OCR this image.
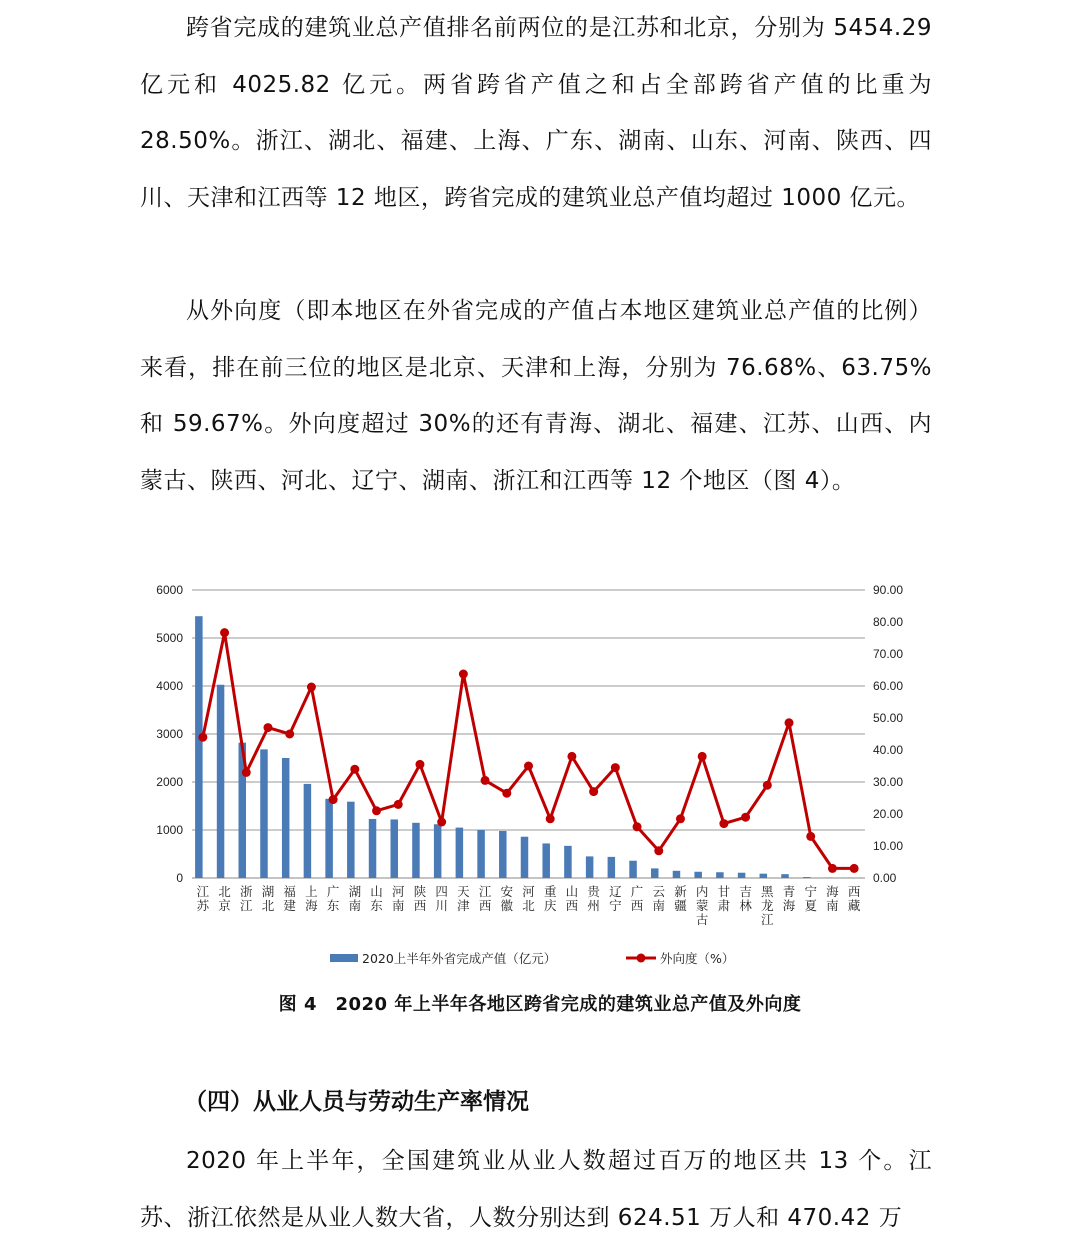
跨省完成的建筑业总产值排名前两位的是江苏和北京，分别为 5454.29 亿元和 4025.82 亿元。两省跨省产值之和占全部跨省产值的比重为 28.50%。浙江、湖北、福建、上海、广东、湖南、山东、河南、陕西、四川、天津和江西等 12 地区，跨省完成的建筑业总产值均超过 1000 亿元。

从外向度（即本地区在外省完成的产值占本地区建筑业总产值的比例）来看，排在前三位的地区是北京、天津和上海，分别为 76.68%、63.75%和 59.67%。外向度超过 30%的还有青海、湖北、福建、江苏、山西、内蒙古、陕西、河北、辽宁、湖南、浙江和江西等 12 个地区（图 4）。

0
1000
2000
3000
4000
5000
6000
0.00
10.00
20.00
30.00
40.00
50.00
60.00
70.00
80.00
90.00
江苏
北京
浙江
湖北
福建
上海
广东
湖南
山东
河南
陕西
四川
天津
江西
安徽
河北
重庆
山西
贵州
辽宁
广西
云南
新疆
内蒙古
甘肃
吉林
黑龙江
青海
宁夏
海南
西藏
2020上半年外省完成产值（亿元）	外向度（%）
图 4　2020 年上半年各地区跨省完成的建筑业总产值及外向度
（四）从业人员与劳动生产率情况

2020 年上半年，全国建筑业从业人数超过百万的地区共 13 个。江苏、浙江依然是从业人数大省，人数分别达到 624.51 万人和 470.42 万
